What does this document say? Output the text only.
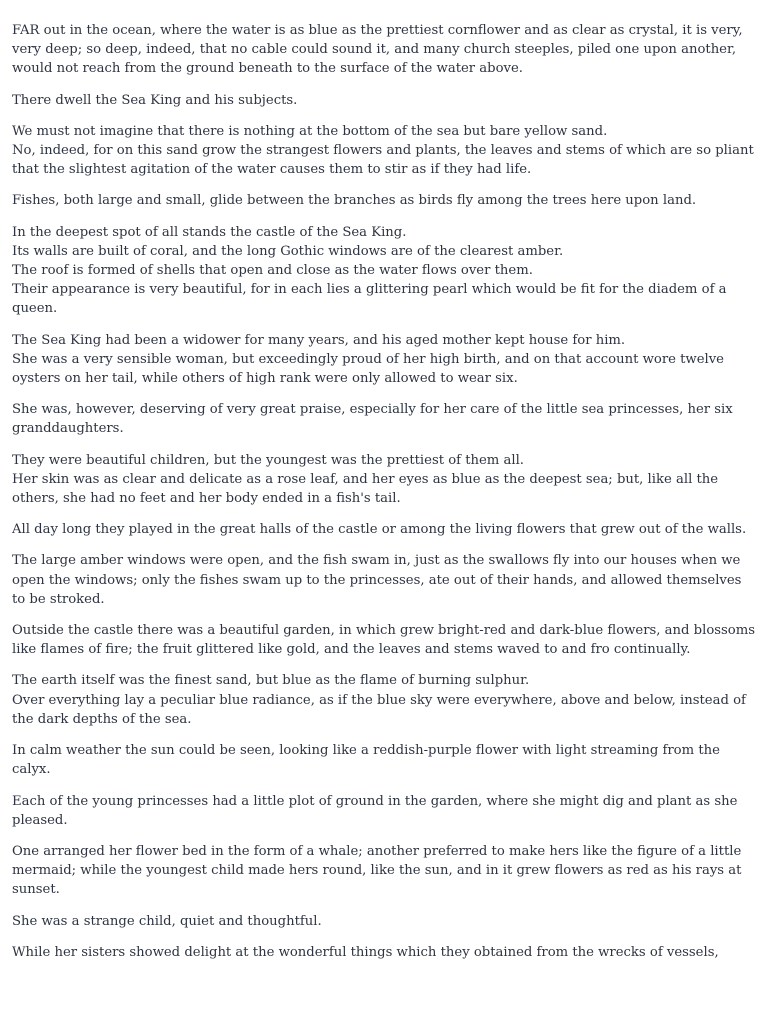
FAR out in the ocean, where the water is as blue as the prettiest cornflower and as clear as crystal, it is very, very deep; so deep, indeed, that no cable could sound it, and many church steeples, piled one upon another, would not reach from the ground beneath to the surface of the water above.

There dwell the Sea King and his subjects.

We must not imagine that there is nothing at the bottom of the sea but bare yellow sand.
No, indeed, for on this sand grow the strangest flowers and plants, the leaves and stems of which are so pliant that the slightest agitation of the water causes them to stir as if they had life.

Fishes, both large and small, glide between the branches as birds fly among the trees here upon land.

In the deepest spot of all stands the castle of the Sea King.
Its walls are built of coral, and the long Gothic windows are of the clearest amber.
The roof is formed of shells that open and close as the water flows over them.
Their appearance is very beautiful, for in each lies a glittering pearl which would be fit for the diadem of a queen.

The Sea King had been a widower for many years, and his aged mother kept house for him.
She was a very sensible woman, but exceedingly proud of her high birth, and on that account wore twelve oysters on her tail, while others of high rank were only allowed to wear six.

She was, however, deserving of very great praise, especially for her care of the little sea princesses, her six granddaughters.

They were beautiful children, but the youngest was the prettiest of them all.
Her skin was as clear and delicate as a rose leaf, and her eyes as blue as the deepest sea; but, like all the others, she had no feet and her body ended in a fish's tail.

All day long they played in the great halls of the castle or among the living flowers that grew out of the walls.

The large amber windows were open, and the fish swam in, just as the swallows fly into our houses when we open the windows; only the fishes swam up to the princesses, ate out of their hands, and allowed themselves to be stroked.

Outside the castle there was a beautiful garden, in which grew bright-red and dark-blue flowers, and blossoms like flames of fire; the fruit glittered like gold, and the leaves and stems waved to and fro continually.

The earth itself was the finest sand, but blue as the flame of burning sulphur.
Over everything lay a peculiar blue radiance, as if the blue sky were everywhere, above and below, instead of the dark depths of the sea.

In calm weather the sun could be seen, looking like a reddish-purple flower with light streaming from the calyx.

Each of the young princesses had a little plot of ground in the garden, where she might dig and plant as she pleased.

One arranged her flower bed in the form of a whale; another preferred to make hers like the figure of a little mermaid; while the youngest child made hers round, like the sun, and in it grew flowers as red as his rays at sunset.

She was a strange child, quiet and thoughtful.

While her sisters showed delight at the wonderful things which they obtained from the wrecks of vessels,
